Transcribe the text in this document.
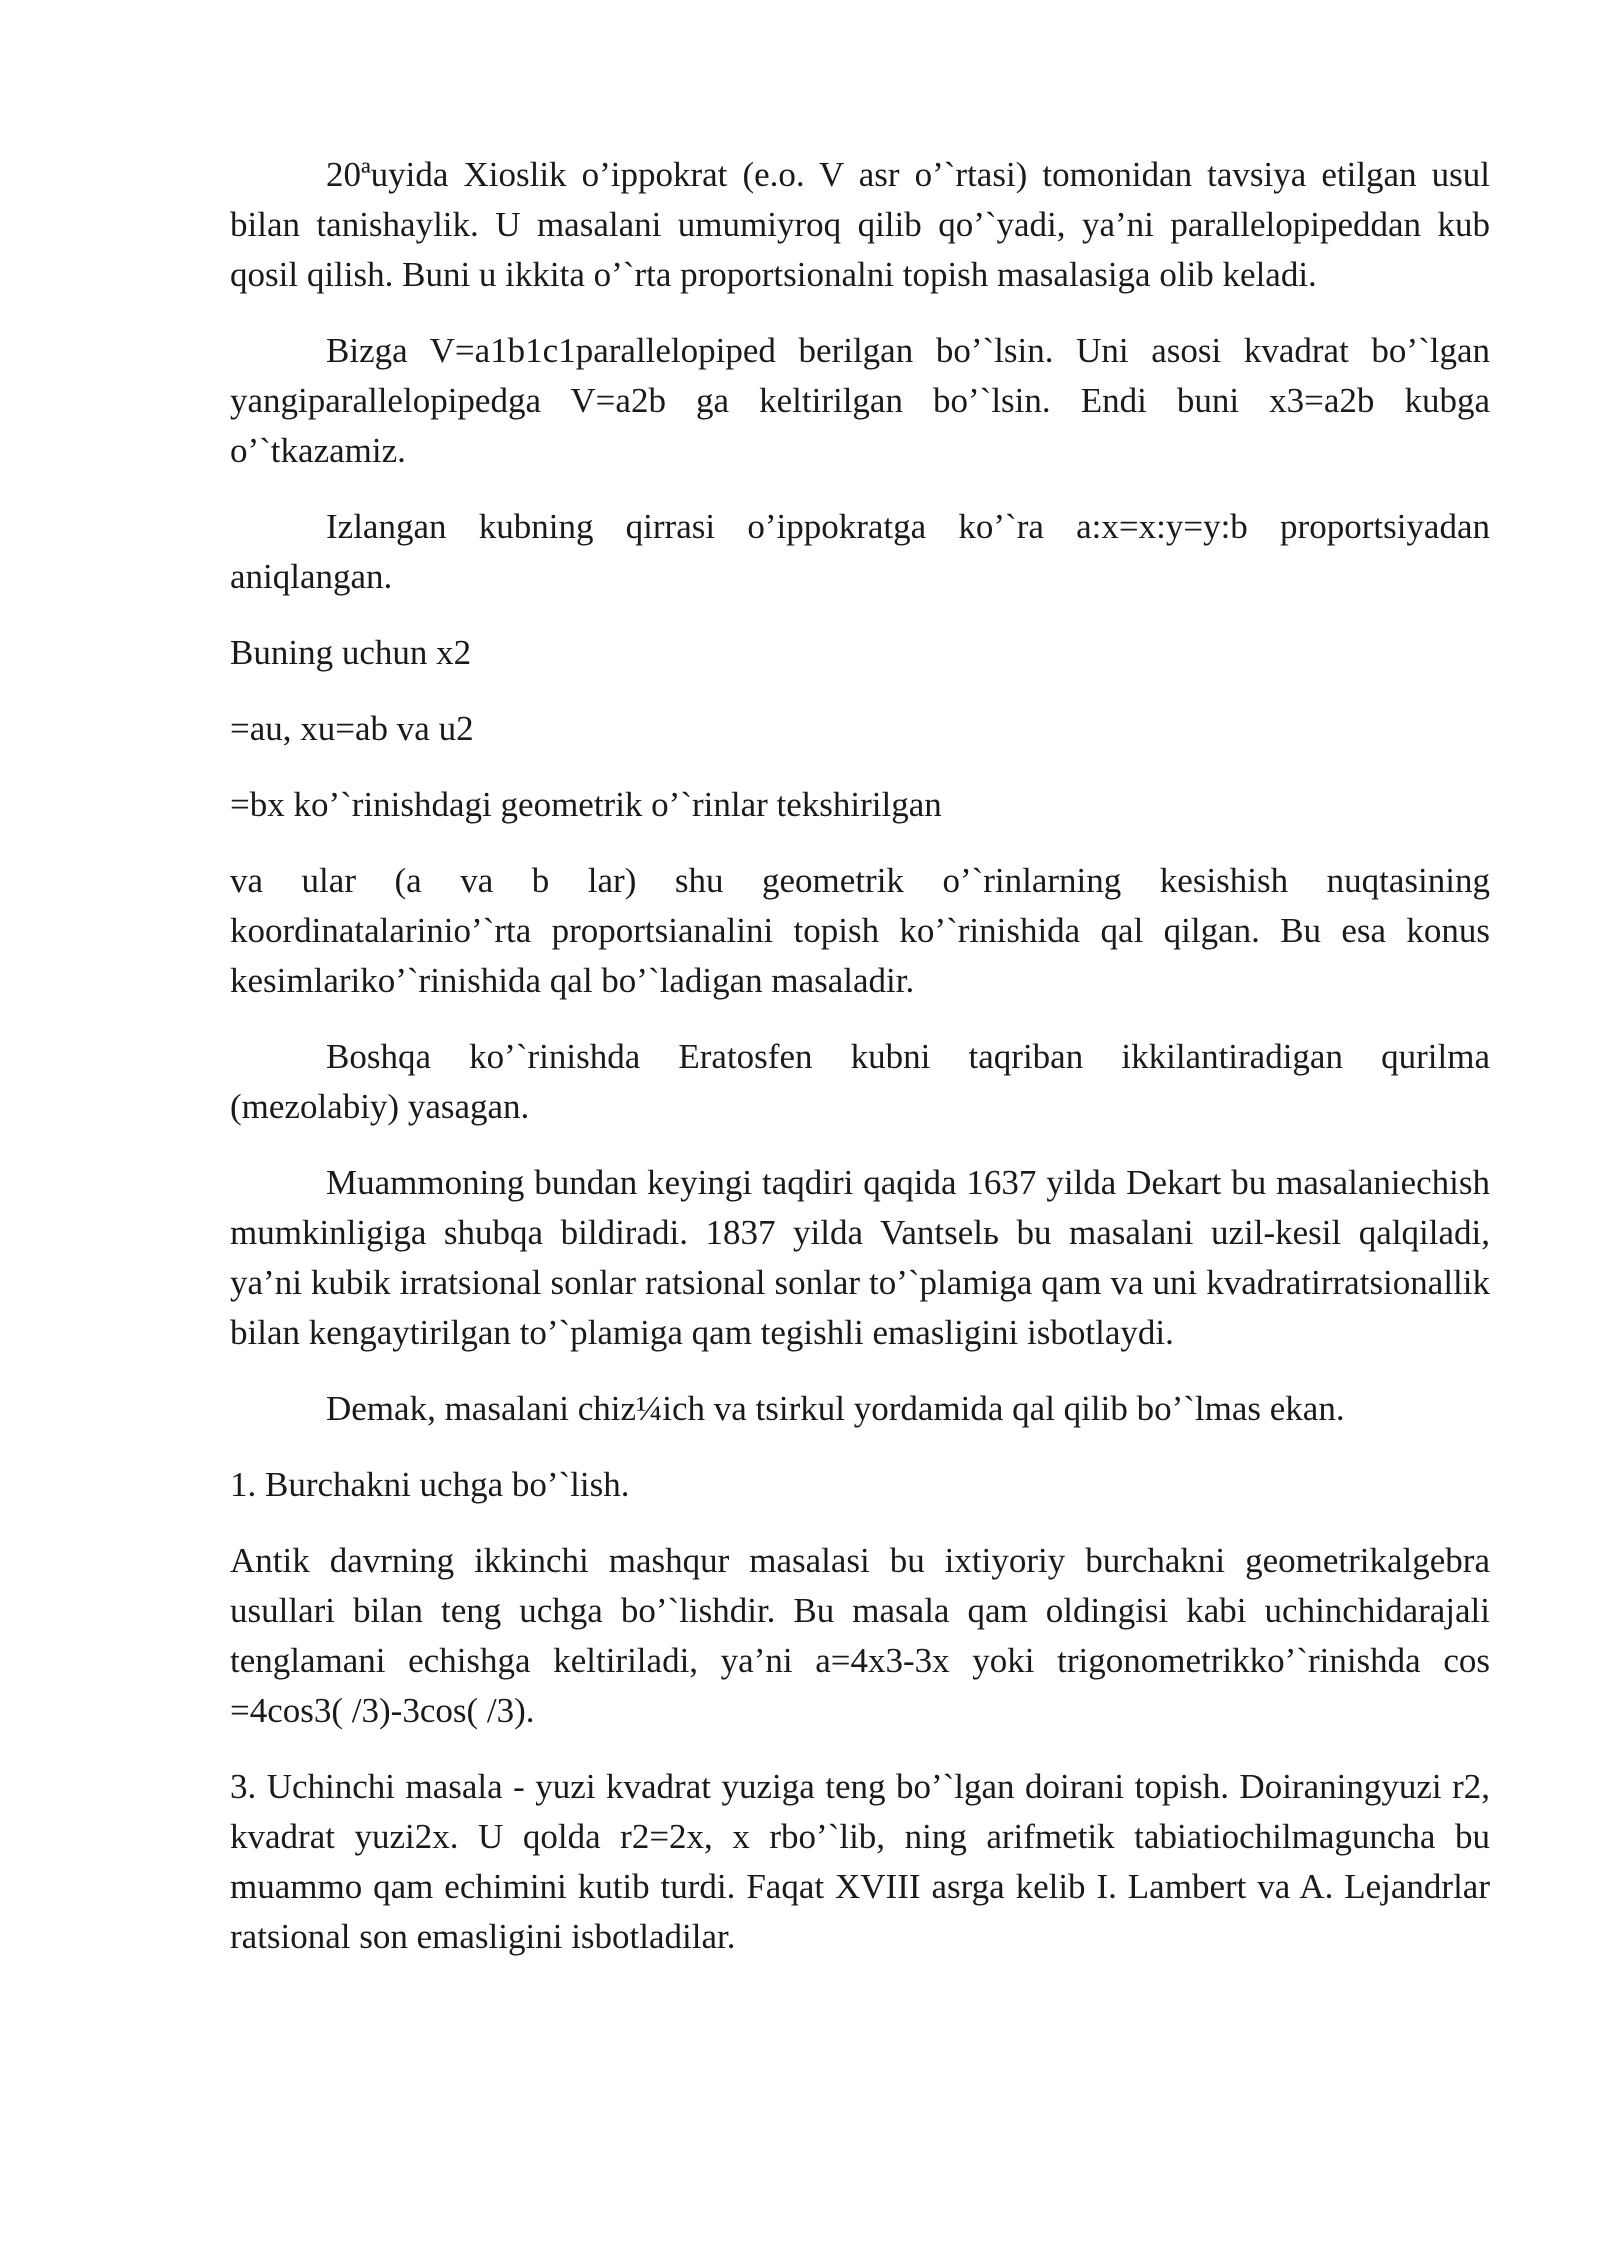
20ªuyida Xioslik o’ippokrat (e.o. V asr o’`rtasi) tomonidan tavsiya etilgan usul bilan tanishaylik. U masalani umumiyroq qilib qo’`yadi, ya’ni parallelopipeddan kub qosil qilish. Buni u ikkita o’`rta proportsionalni topish masalasiga olib keladi.

Bizga V=a1b1c1parallelopiped berilgan bo’`lsin. Uni asosi kvadrat bo’`lgan yangiparallelopipedga V=a2b ga keltirilgan bo’`lsin. Endi buni x3=a2b kubga o’`tkazamiz.

Izlangan kubning qirrasi o’ippokratga ko’`ra a:x=x:y=y:b proportsiyadan aniqlangan.

Buning uchun x2

=au, xu=ab va u2

=bx ko’`rinishdagi geometrik o’`rinlar tekshirilgan

va ular (a va b lar) shu geometrik o’`rinlarning kesishish nuqtasining koordinatalarinio’`rta proportsianalini topish ko’`rinishida qal qilgan. Bu esa konus kesimlariko’`rinishida qal bo’`ladigan masaladir.

Boshqa ko’`rinishda Eratosfen kubni taqriban ikkilantiradigan qurilma (mezolabiy) yasagan.

Muammoning bundan keyingi taqdiri qaqida 1637 yilda Dekart bu masalaniechish mumkinligiga shubqa bildiradi. 1837 yilda Vantselь bu masalani uzil-kesil qalqiladi, ya’ni kubik irratsional sonlar ratsional sonlar to’`plamiga qam va uni kvadratirratsionallik bilan kengaytirilgan to’`plamiga qam tegishli emasligini isbotlaydi.

Demak, masalani chiz¼ich va tsirkul yordamida qal qilib bo’`lmas ekan.

1. Burchakni uchga bo’`lish.

Antik davrning ikkinchi mashqur masalasi bu ixtiyoriy burchakni geometrikalgebra usullari bilan teng uchga bo’`lishdir. Bu masala qam oldingisi kabi uchinchidarajali tenglamani echishga keltiriladi, ya’ni a=4x3-3x yoki trigonometrikko’`rinishda cos =4cos3( /3)-3cos( /3).

3. Uchinchi masala - yuzi kvadrat yuziga teng bo’`lgan doirani topish. Doiraningyuzi r2, kvadrat yuzi2x. U qolda r2=2x, x rbo’`lib, ning arifmetik tabiatiochilmaguncha bu muammo qam echimini kutib turdi. Faqat XVIII asrga kelib I. Lambert va A. Lejandrlar ratsional son emasligini isbotladilar.
